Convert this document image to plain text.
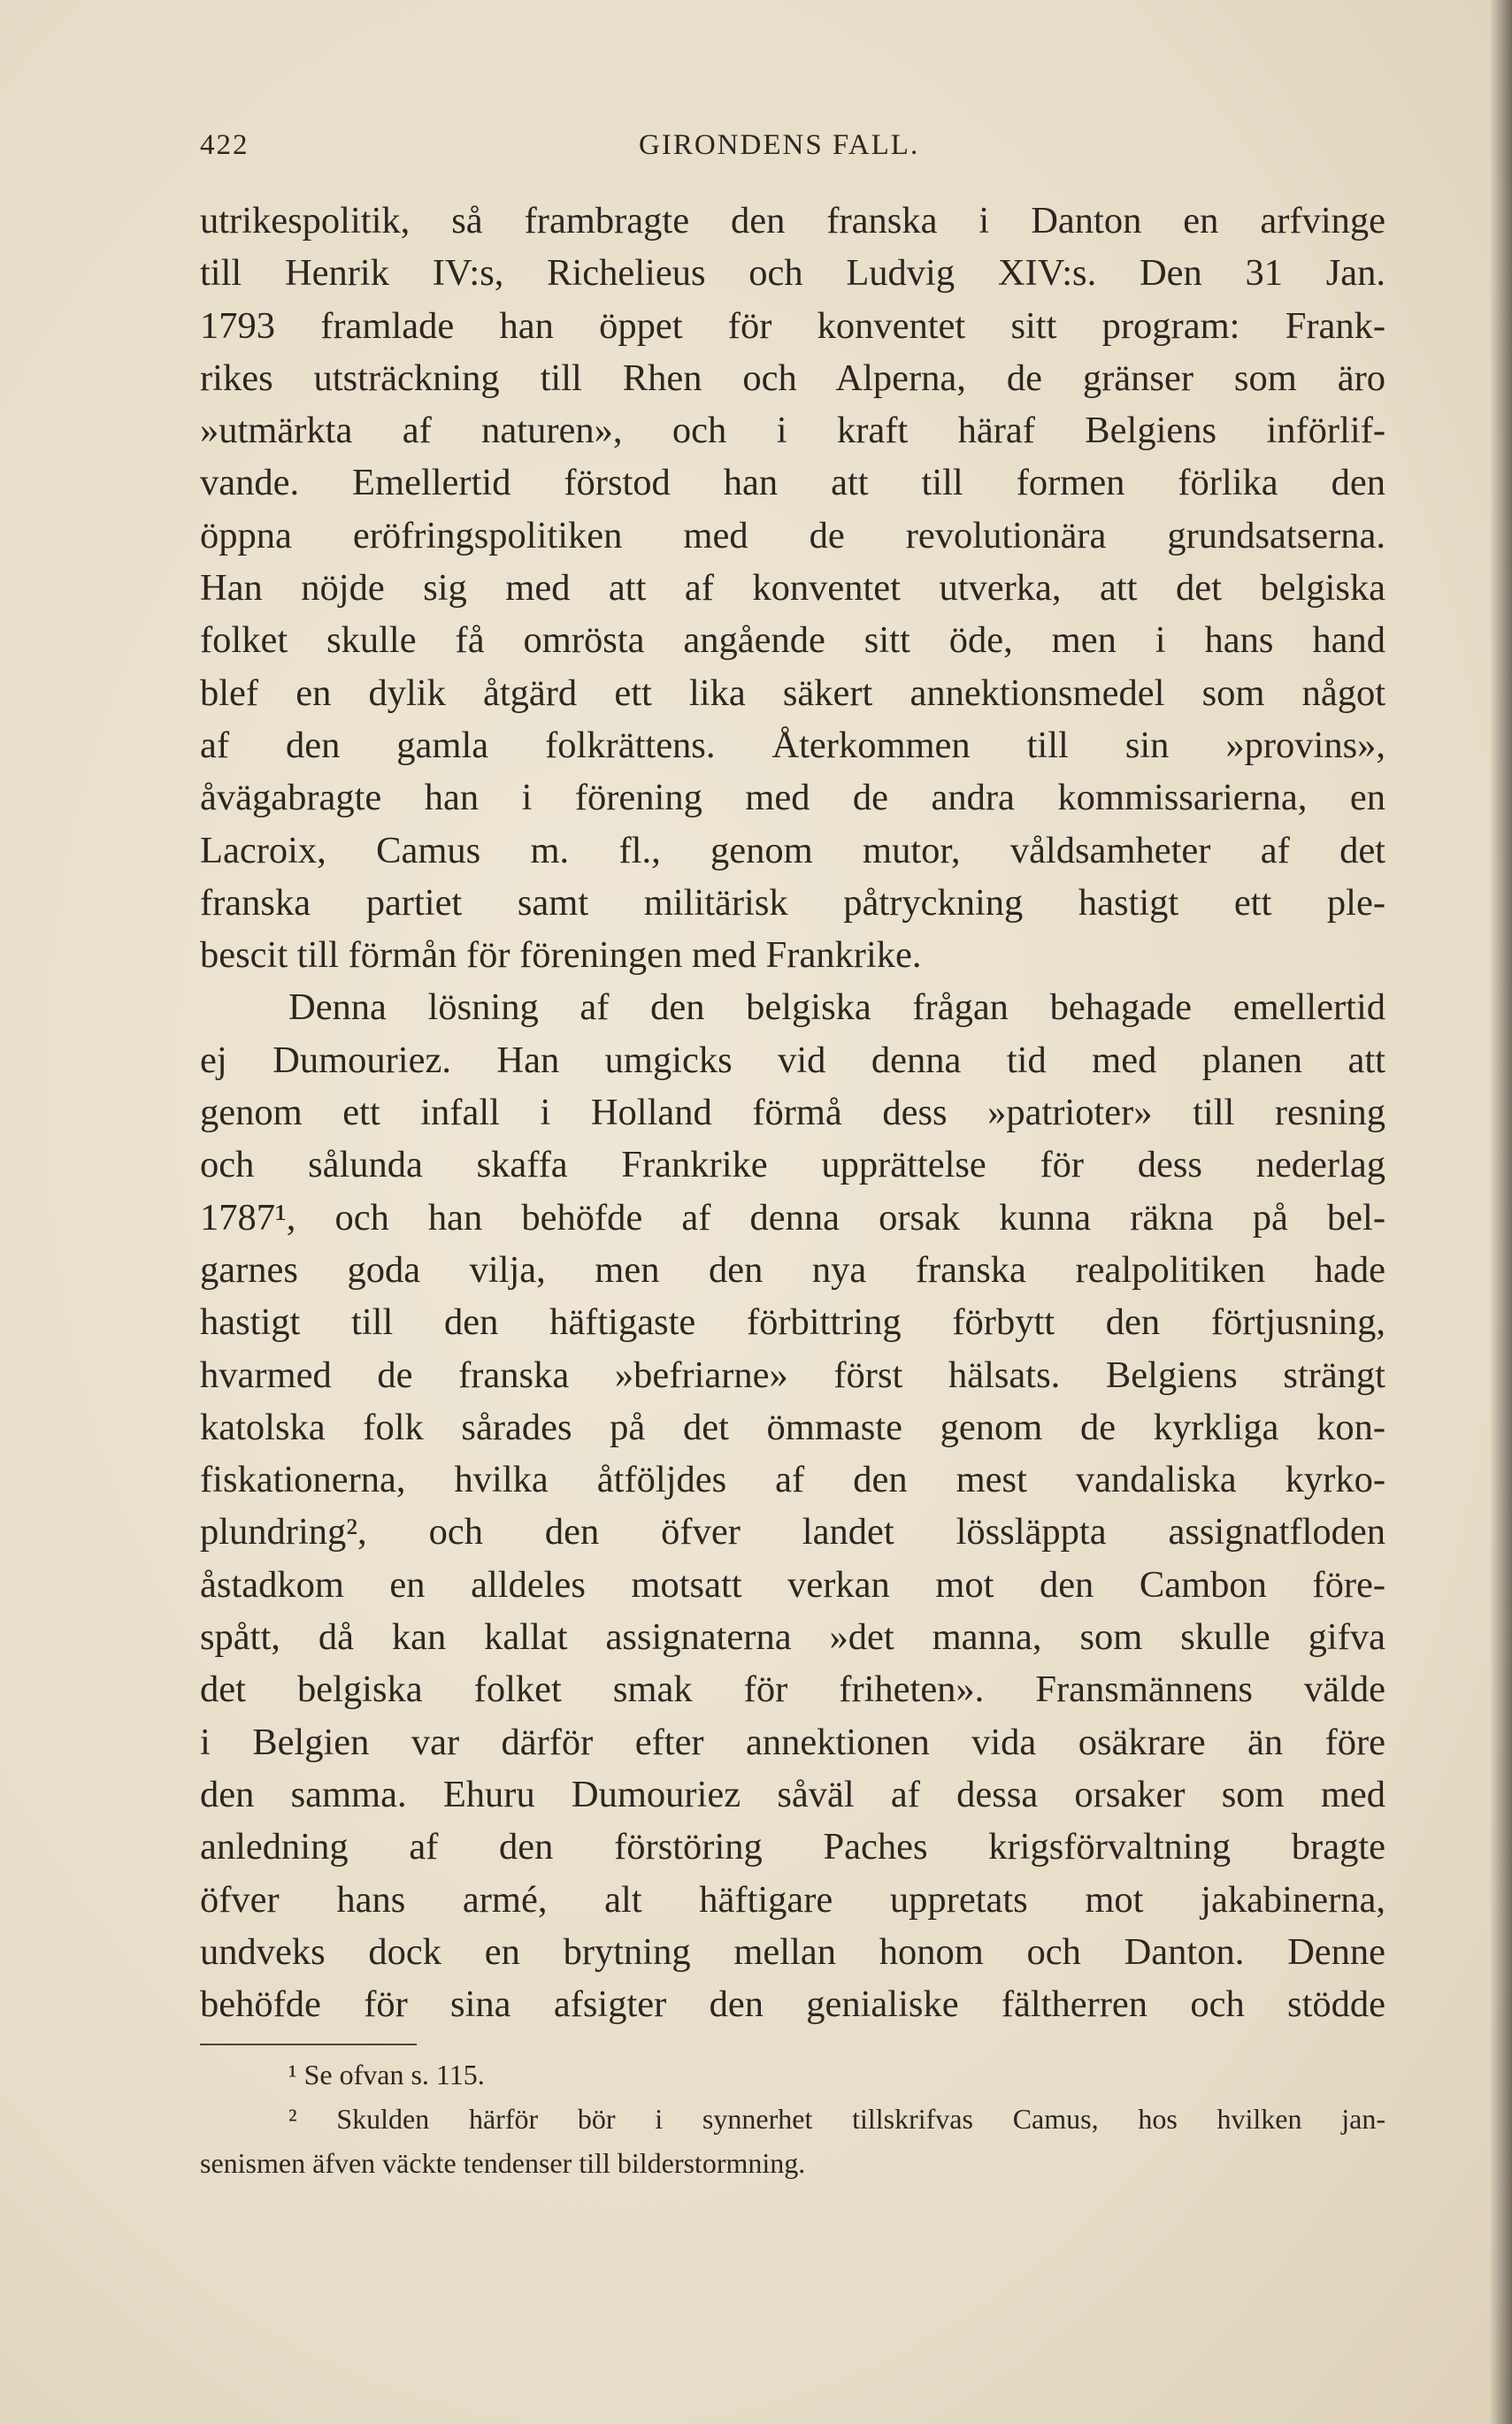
422	GIRONDENS FALL.
utrikespolitik, så frambragte den franska i Danton en arfvinge
till Henrik IV:s, Richelieus och Ludvig XIV:s. Den 31 Jan.
1793 framlade han öppet för konventet sitt program: Frank-
rikes utsträckning till Rhen och Alperna, de gränser som äro
»utmärkta af naturen», och i kraft häraf Belgiens införlif-
vande. Emellertid förstod han att till formen förlika den
öppna eröfringspolitiken med de revolutionära grundsatserna.
Han nöjde sig med att af konventet utverka, att det belgiska
folket skulle få omrösta angående sitt öde, men i hans hand
blef en dylik åtgärd ett lika säkert annektionsmedel som något
af den gamla folkrättens. Återkommen till sin »provins»,
åvägabragte han i förening med de andra kommissarierna, en
Lacroix, Camus m. fl., genom mutor, våldsamheter af det
franska partiet samt militärisk påtryckning hastigt ett ple-
bescit till förmån för föreningen med Frankrike.
Denna lösning af den belgiska frågan behagade emellertid
ej Dumouriez. Han umgicks vid denna tid med planen att
genom ett infall i Holland förmå dess »patrioter» till resning
och sålunda skaffa Frankrike upprättelse för dess nederlag
1787¹, och han behöfde af denna orsak kunna räkna på bel-
garnes goda vilja, men den nya franska realpolitiken hade
hastigt till den häftigaste förbittring förbytt den förtjusning,
hvarmed de franska »befriarne» först hälsats. Belgiens strängt
katolska folk sårades på det ömmaste genom de kyrkliga kon-
fiskationerna, hvilka åtföljdes af den mest vandaliska kyrko-
plundring², och den öfver landet lössläppta assignatfloden
åstadkom en alldeles motsatt verkan mot den Cambon före-
spått, då kan kallat assignaterna »det manna, som skulle gifva
det belgiska folket smak för friheten». Fransmännens välde
i Belgien var därför efter annektionen vida osäkrare än före
den samma. Ehuru Dumouriez såväl af dessa orsaker som med
anledning af den förstöring Paches krigsförvaltning bragte
öfver hans armé, alt häftigare uppretats mot jakabinerna,
undveks dock en brytning mellan honom och Danton. Denne
behöfde för sina afsigter den genialiske fältherren och stödde
¹ Se ofvan s. 115.
² Skulden härför bör i synnerhet tillskrifvas Camus, hos hvilken jan-
senismen äfven väckte tendenser till bilderstormning.
